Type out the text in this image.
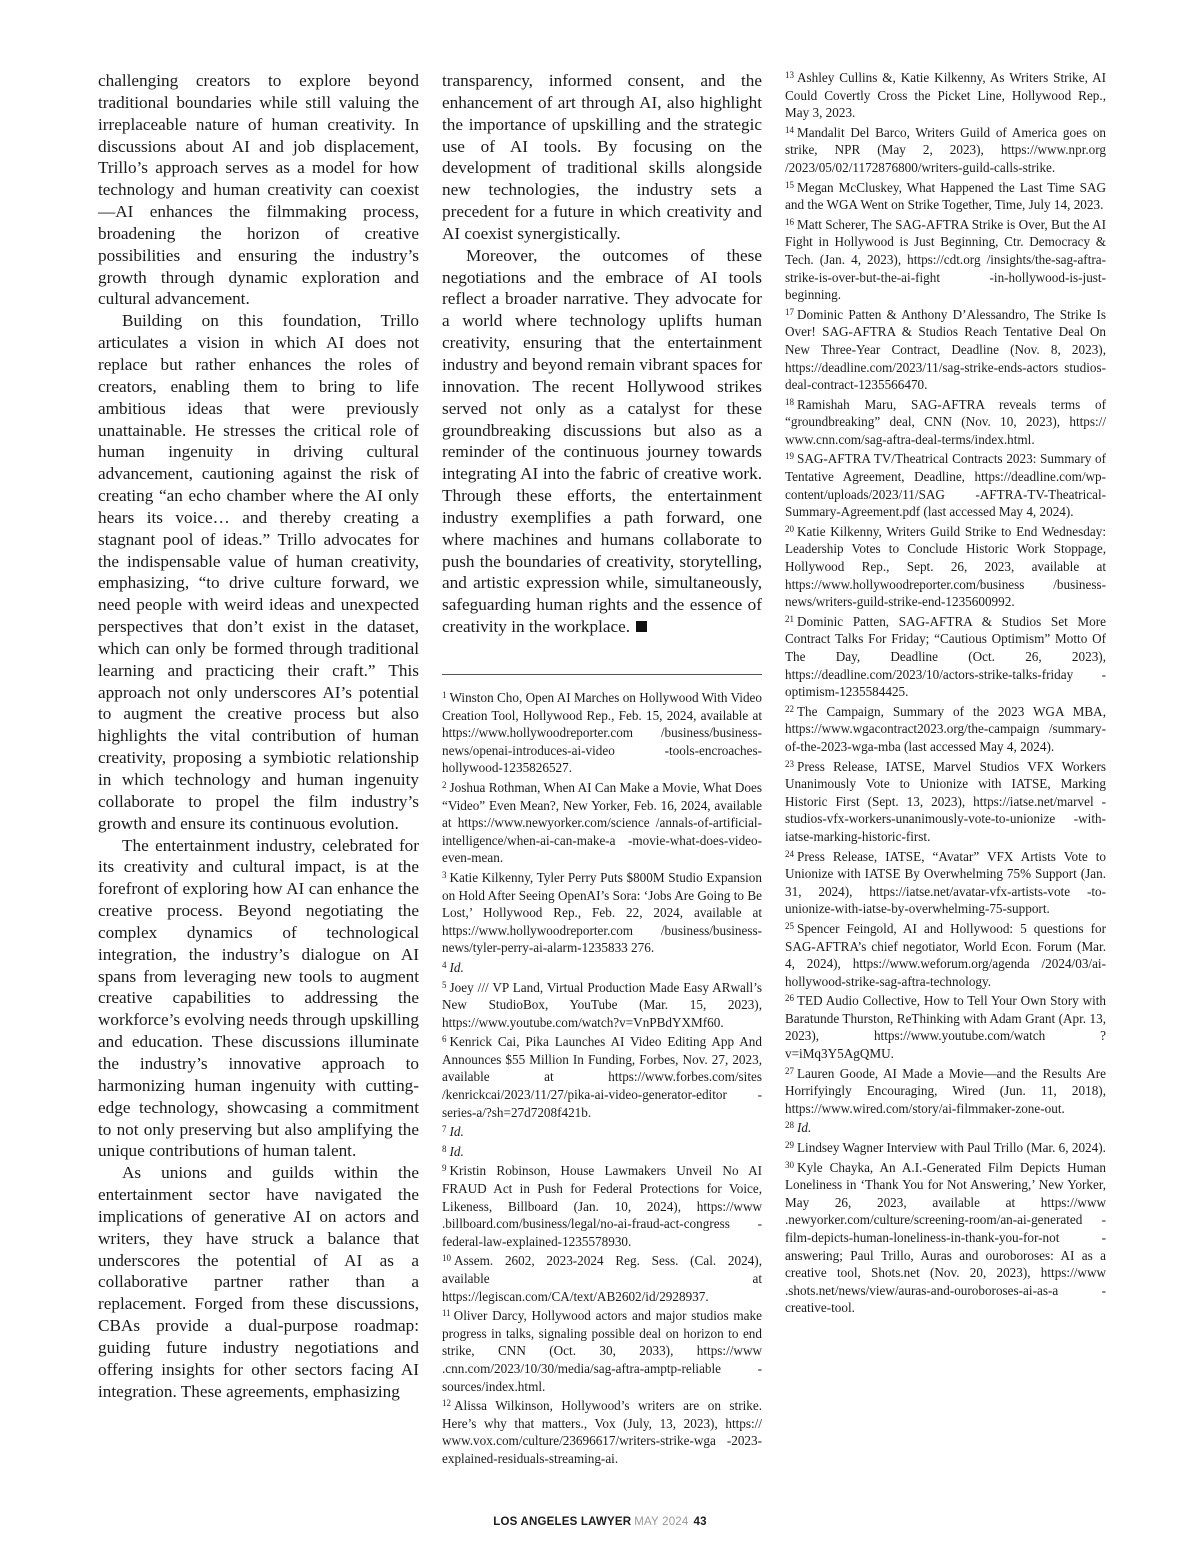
challenging creators to explore beyond traditional boundaries while still valuing the irreplaceable nature of human creativity. In discussions about AI and job displacement, Trillo’s approach serves as a model for how technology and human creativity can coexist—AI enhances the filmmaking process, broadening the horizon of creative possibilities and ensuring the industry’s growth through dynamic exploration and cultural advancement.

Building on this foundation, Trillo articulates a vision in which AI does not replace but rather enhances the roles of creators, enabling them to bring to life ambitious ideas that were previously unattainable. He stresses the critical role of human ingenuity in driving cultural advancement, cautioning against the risk of creating “an echo chamber where the AI only hears its voice… and thereby creating a stagnant pool of ideas.” Trillo advocates for the indispensable value of human creativity, emphasizing, “to drive culture forward, we need people with weird ideas and unexpected perspectives that don’t exist in the dataset, which can only be formed through traditional learning and practicing their craft.” This approach not only underscores AI’s potential to augment the creative process but also highlights the vital contribution of human creativity, proposing a symbiotic relationship in which technology and human ingenuity collaborate to propel the film industry’s growth and ensure its continuous evolution.

The entertainment industry, celebrated for its creativity and cultural impact, is at the forefront of exploring how AI can enhance the creative process. Beyond negotiating the complex dynamics of technological integration, the industry’s dialogue on AI spans from leveraging new tools to augment creative capabilities to addressing the workforce’s evolving needs through upskilling and education. These discussions illuminate the industry’s innovative approach to harmonizing human ingenuity with cutting-edge technology, showcasing a commitment to not only preserving but also amplifying the unique contributions of human talent.

As unions and guilds within the entertainment sector have navigated the implications of generative AI on actors and writers, they have struck a balance that underscores the potential of AI as a collaborative partner rather than a replacement. Forged from these discussions, CBAs provide a dual-purpose roadmap: guiding future industry negotiations and offering insights for other sectors facing AI integration. These agreements, emphasizing

transparency, informed consent, and the enhancement of art through AI, also highlight the importance of upskilling and the strategic use of AI tools. By focusing on the development of traditional skills alongside new technologies, the industry sets a precedent for a future in which creativity and AI coexist synergistically.

Moreover, the outcomes of these negotiations and the embrace of AI tools reflect a broader narrative. They advocate for a world where technology uplifts human creativity, ensuring that the entertainment industry and beyond remain vibrant spaces for innovation. The recent Hollywood strikes served not only as a catalyst for these groundbreaking discussions but also as a reminder of the continuous journey towards integrating AI into the fabric of creative work. Through these efforts, the entertainment industry exemplifies a path forward, one where machines and humans collaborate to push the boundaries of creativity, storytelling, and artistic expression while, simultaneously, safeguarding human rights and the essence of creativity in the workplace.

$^1$ Winston Cho, Open AI Marches on Hollywood With Video Creation Tool, Hollywood Rep., Feb. 15, 2024, available at https://www.hollywoodreporter.com /business/business-news/openai-introduces-ai-video -tools-encroaches-hollywood-1235826527.

$^2$ Joshua Rothman, When AI Can Make a Movie, What Does “Video” Even Mean?, New Yorker, Feb. 16, 2024, available at https://www.newyorker.com/science /annals-of-artificial-intelligence/when-ai-can-make-a -movie-what-does-video-even-mean.

$^3$ Katie Kilkenny, Tyler Perry Puts $800M Studio Expansion on Hold After Seeing OpenAI’s Sora: ‘Jobs Are Going to Be Lost,’ Hollywood Rep., Feb. 22, 2024, available at https://www.hollywoodreporter.com /business/business-news/tyler-perry-ai-alarm-1235833 276.

$^4$ Id.

$^5$ Joey /// VP Land, Virtual Production Made Easy ARwall’s New StudioBox, YouTube (Mar. 15, 2023), https://www.youtube.com/watch?v=VnPBdYXMf60.

$^6$ Kenrick Cai, Pika Launches AI Video Editing App And Announces $55 Million In Funding, Forbes, Nov. 27, 2023, available at https://www.forbes.com/sites /kenrickcai/2023/11/27/pika-ai-video-generator-editor -series-a/?sh=27d7208f421b.

$^7$ Id.

$^8$ Id.

$^9$ Kristin Robinson, House Lawmakers Unveil No AI FRAUD Act in Push for Federal Protections for Voice, Likeness, Billboard (Jan. 10, 2024), https://www .billboard.com/business/legal/no-ai-fraud-act-congress -federal-law-explained-1235578930.

$^{10}$ Assem. 2602, 2023-2024 Reg. Sess. (Cal. 2024), available at https://legiscan.com/CA/text/AB2602/id/2928937.

$^{11}$ Oliver Darcy, Hollywood actors and major studios make progress in talks, signaling possible deal on horizon to end strike, CNN (Oct. 30, 2033), https://www .cnn.com/2023/10/30/media/sag-aftra-amptp-reliable -sources/index.html.

$^{12}$ Alissa Wilkinson, Hollywood’s writers are on strike. Here’s why that matters., Vox (July, 13, 2023), https:// www.vox.com/culture/23696617/writers-strike-wga -2023-explained-residuals-streaming-ai.

$^{13}$ Ashley Cullins &, Katie Kilkenny, As Writers Strike, AI Could Covertly Cross the Picket Line, Hollywood Rep., May 3, 2023.

$^{14}$ Mandalit Del Barco, Writers Guild of America goes on strike, NPR (May 2, 2023), https://www.npr.org /2023/05/02/1172876800/writers-guild-calls-strike.

$^{15}$ Megan McCluskey, What Happened the Last Time SAG and the WGA Went on Strike Together, Time, July 14, 2023.

$^{16}$ Matt Scherer, The SAG-AFTRA Strike is Over, But the AI Fight in Hollywood is Just Beginning, Ctr. Democracy & Tech. (Jan. 4, 2023), https://cdt.org /insights/the-sag-aftra-strike-is-over-but-the-ai-fight -in-hollywood-is-just-beginning.

$^{17}$ Dominic Patten & Anthony D’Alessandro, The Strike Is Over! SAG-AFTRA & Studios Reach Tentative Deal On New Three-Year Contract, Deadline (Nov. 8, 2023), https://deadline.com/2023/11/sag-strike-ends-actors studios-deal-contract-1235566470.

$^{18}$ Ramishah Maru, SAG-AFTRA reveals terms of “groundbreaking” deal, CNN (Nov. 10, 2023), https:// www.cnn.com/sag-aftra-deal-terms/index.html.

$^{19}$ SAG-AFTRA TV/Theatrical Contracts 2023: Summary of Tentative Agreement, Deadline, https://deadline.com/wp-content/uploads/2023/11/SAG -AFTRA-TV-Theatrical-Summary-Agreement.pdf (last accessed May 4, 2024).

$^{20}$ Katie Kilkenny, Writers Guild Strike to End Wednesday: Leadership Votes to Conclude Historic Work Stoppage, Hollywood Rep., Sept. 26, 2023, available at https://www.hollywoodreporter.com/business /business-news/writers-guild-strike-end-1235600992.

$^{21}$ Dominic Patten, SAG-AFTRA & Studios Set More Contract Talks For Friday; “Cautious Optimism” Motto Of The Day, Deadline (Oct. 26, 2023), https://deadline.com/2023/10/actors-strike-talks-friday -optimism-1235584425.

$^{22}$ The Campaign, Summary of the 2023 WGA MBA, https://www.wgacontract2023.org/the-campaign /summary-of-the-2023-wga-mba (last accessed May 4, 2024).

$^{23}$ Press Release, IATSE, Marvel Studios VFX Workers Unanimously Vote to Unionize with IATSE, Marking Historic First (Sept. 13, 2023), https://iatse.net/marvel -studios-vfx-workers-unanimously-vote-to-unionize -with-iatse-marking-historic-first.

$^{24}$ Press Release, IATSE, “Avatar” VFX Artists Vote to Unionize with IATSE By Overwhelming 75% Support (Jan. 31, 2024), https://iatse.net/avatar-vfx-artists-vote -to-unionize-with-iatse-by-overwhelming-75-support.

$^{25}$ Spencer Feingold, AI and Hollywood: 5 questions for SAG-AFTRA’s chief negotiator, World Econ. Forum (Mar. 4, 2024), https://www.weforum.org/agenda /2024/03/ai-hollywood-strike-sag-aftra-technology.

$^{26}$ TED Audio Collective, How to Tell Your Own Story with Baratunde Thurston, ReThinking with Adam Grant (Apr. 13, 2023), https://www.youtube.com/watch ?v=iMq3Y5AgQMU.

$^{27}$ Lauren Goode, AI Made a Movie—and the Results Are Horrifyingly Encouraging, Wired (Jun. 11, 2018), https://www.wired.com/story/ai-filmmaker-zone-out.

$^{28}$ Id.

$^{29}$ Lindsey Wagner Interview with Paul Trillo (Mar. 6, 2024).

$^{30}$ Kyle Chayka, An A.I.-Generated Film Depicts Human Loneliness in ‘Thank You for Not Answering,’ New Yorker, May 26, 2023, available at https://www .newyorker.com/culture/screening-room/an-ai-generated -film-depicts-human-loneliness-in-thank-you-for-not -answering; Paul Trillo, Auras and ouroboroses: AI as a creative tool, Shots.net (Nov. 20, 2023), https://www .shots.net/news/view/auras-and-ouroboroses-ai-as-a -creative-tool.

LOS ANGELES LAWYER MAY 2024 43
